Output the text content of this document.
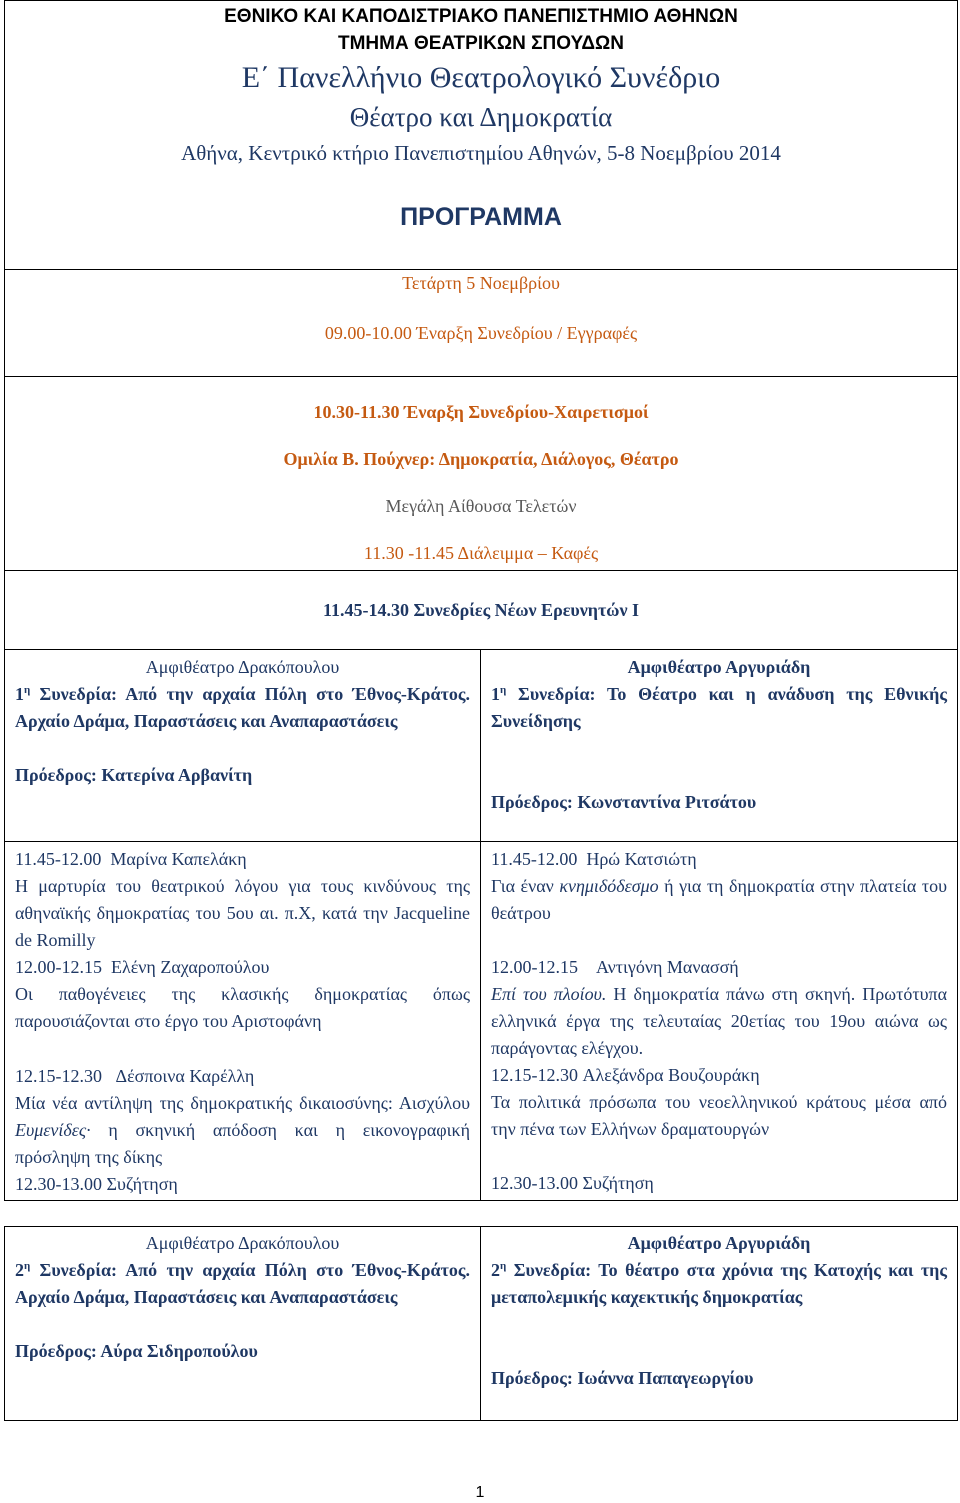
ΕΘΝΙΚΟ ΚΑΙ ΚΑΠΟΔΙΣΤΡΙΑΚΟ ΠΑΝΕΠΙΣΤΗΜΙΟ ΑΘΗΝΩΝ
ΤΜΗΜΑ ΘΕΑΤΡΙΚΩΝ ΣΠΟΥΔΩΝ
Ε΄ Πανελλήνιο Θεατρολογικό Συνέδριο
Θέατρο και Δημοκρατία
Αθήνα, Κεντρικό κτήριο Πανεπιστημίου Αθηνών, 5-8 Νοεμβρίου 2014
ΠΡΟΓΡΑΜΜΑ
Τετάρτη 5 Νοεμβρίου
09.00-10.00 Έναρξη Συνεδρίου / Εγγραφές
10.30-11.30 Έναρξη Συνεδρίου-Χαιρετισμοί
Ομιλία Β. Πούχνερ: Δημοκρατία, Διάλογος, Θέατρο
Μεγάλη Αίθουσα Τελετών
11.30 -11.45 Διάλειμμα – Καφές
11.45-14.30 Συνεδρίες Νέων Ερευνητών Ι
Αμφιθέατρο Δρακόπουλου
$1^\eta$ Συνεδρία: Από την αρχαία Πόλη στο Έθνος-Κράτος. Αρχαίο Δράμα, Παραστάσεις και Αναπαραστάσεις
Πρόεδρος: Κατερίνα Αρβανίτη
Αμφιθέατρο Αργυριάδη
$1^\eta$ Συνεδρία: Το Θέατρο και η ανάδυση της Εθνικής Συνείδησης
Πρόεδρος: Κωνσταντίνα Ριτσάτου
11.45-12.00 Μαρίνα Καπελάκη
Η μαρτυρία του θεατρικού λόγου για τους κινδύνους της αθηναϊκής δημοκρατίας του 5ου αι. π.Χ, κατά την Jacqueline de Romilly
12.00-12.15 Ελένη Ζαχαροπούλου
Οι παθογένειες της κλασικής δημοκρατίας όπως παρουσιάζονται στο έργο του Αριστοφάνη
12.15-12.30 Δέσποινα Καρέλλη
Μία νέα αντίληψη της δημοκρατικής δικαιοσύνης: Αισχύλου Ευμενίδες· η σκηνική απόδοση και η εικονογραφική πρόσληψη της δίκης
12.30-13.00 Συζήτηση
11.45-12.00 Ηρώ Κατσιώτη
Για έναν κνημιδόδεσμο ή για τη δημοκρατία στην πλατεία του θεάτρου
12.00-12.15 Αντιγόνη Μανασσή
Επί του πλοίου. Η δημοκρατία πάνω στη σκηνή. Πρωτότυπα ελληνικά έργα της τελευταίας 20ετίας του 19ου αιώνα ως παράγοντας ελέγχου.
12.15-12.30 Αλεξάνδρα Βουζουράκη
Τα πολιτικά πρόσωπα του νεοελληνικού κράτους μέσα από την πένα των Ελλήνων δραματουργών
12.30-13.00 Συζήτηση
Αμφιθέατρο Δρακόπουλου
$2^\eta$ Συνεδρία: Από την αρχαία Πόλη στο Έθνος-Κράτος. Αρχαίο Δράμα, Παραστάσεις και Αναπαραστάσεις
Πρόεδρος: Αύρα Σιδηροπούλου
Αμφιθέατρο Αργυριάδη
$2^\eta$ Συνεδρία: Το θέατρο στα χρόνια της Κατοχής και της μεταπολεμικής καχεκτικής δημοκρατίας
Πρόεδρος: Ιωάννα Παπαγεωργίου
1
